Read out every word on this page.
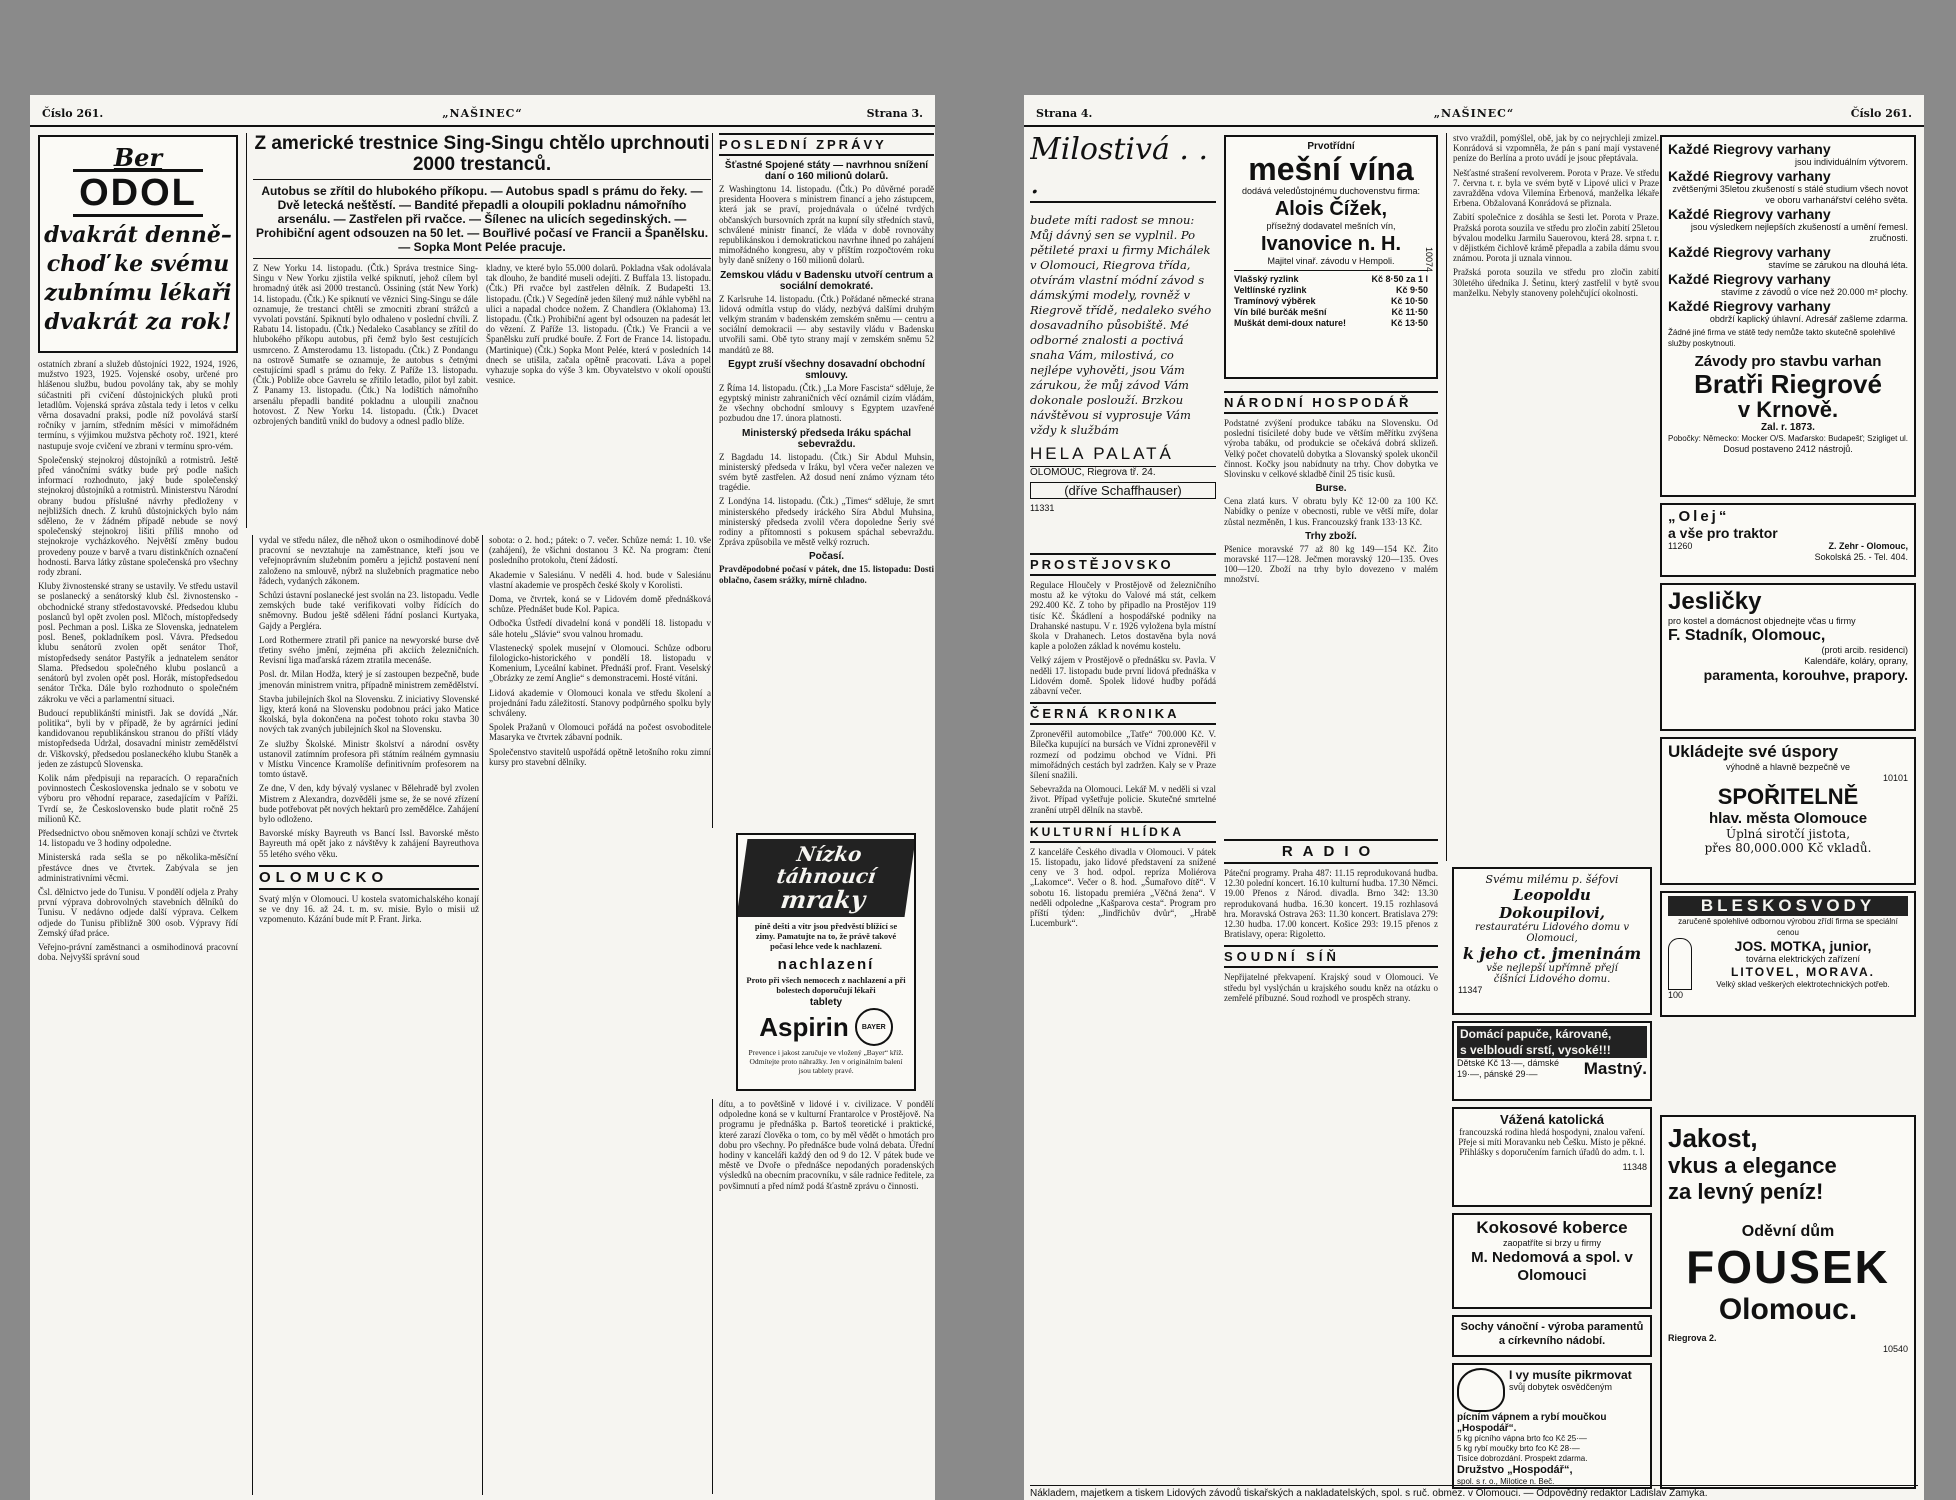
Číslo 261.	„NAŠINEC“	Strana 3.
Ber
ODOL
dvakrát denně–
choď ke svému
zubnímu lékaři
dvakrát za rok!

ostatních zbraní a služeb důstojníci 1922, 1924, 1926, mužstvo 1923, 1925. Vojenské osoby, určené pro hlášenou službu, budou povolány tak, aby se mohly súčastniti při cvičení důstojnických pluků proti letadlům. Vojenská správa zůstala tedy i letos v celku věrna dosavadní praksi, podle níž povolává starší ročníky v jarním, středním měsíci v mimořádném termínu, s výjimkou mužstva pěchoty roč. 1921, které nastupuje svoje cvičení ve zbrani v termínu spro-vém.

Společenský stejnokroj důstojníků a rotmistrů. Ještě před vánočními svátky bude prý podle našich informací rozhodnuto, jaký bude společenský stejnokroj důstojníků a rotmistrů. Ministerstvu Národní obrany budou příslušné návrhy předloženy v nejbližších dnech. Z kruhů důstojnických bylo nám sděleno, že v žádném případě nebude se nový společenský stejnokroj lišiti příliš mnoho od stejnokroje vycházkového. Největší změny budou provedeny pouze v barvě a tvaru distinkčních označení hodnosti. Barva látky zůstane společenská pro všechny rody zbraní.

Kluby živnostenské strany se ustavily. Ve středu ustavil se poslanecký a senátorský klub čsl. živnostensko - obchodnické strany středostavovské. Předsedou klubu poslanců byl opět zvolen posl. Mlčoch, místopředsedy posl. Pechman a posl. Liška ze Slovenska, jednatelem posl. Beneš, pokladníkem posl. Vávra. Předsedou klubu senátorů zvolen opět senátor Thoř, místopředsedy senátor Pastyřík a jednatelem senátor Slama. Předsedou společného klubu poslanců a senátorů byl zvolen opět posl. Horák, místopředsedou senátor Trčka. Dále bylo rozhodnuto o společném zákroku ve věci a parlamentní situaci.

Budoucí republikánští ministři. Jak se dovídá „Nár. politika“, byli by v případě, že by agrárníci jediní kandidovanou republikánskou stranou do příští vlády místopředseda Udržal, dosavadní ministr zemědělství dr. Viškovský, předsedou poslaneckého klubu Staněk a jeden ze zástupců Slovenska.

Kolik nám předpisuji na reparacích. O reparačních povinnostech Československa jednalo se v sobotu ve výboru pro věhodní reparace, zasedajícím v Paříži. Tvrdí se, že Československo bude platit ročně 25 milionů Kč.

Předsednictvo obou sněmoven konají schůzi ve čtvrtek 14. listopadu ve 3 hodiny odpoledne.

Ministerská rada sešla se po několika-měsíční přestávce dnes ve čtvrtek. Zabývala se jen administrativními věcmi.

Čsl. dělnictvo jede do Tunisu. V pondělí odjela z Prahy první výprava dobrovolných stavebních dělníků do Tunisu. V nedávno odjede další výprava. Celkem odjede do Tunisu přibližně 300 osob. Výpravy řídí Zemský úřad práce.

Veřejno-právní zaměstnanci a osmihodinová pracovní doba. Nejvyšší správní soud

Z americké trestnice Sing-Singu chtělo uprchnouti 2000 trestanců.
Autobus se zřítil do hlubokého příkopu. — Autobus spadl s prámu do řeky. — Dvě letecká neštěstí. — Bandité přepadli a oloupili pokladnu námořního arsenálu. — Zastřelen při rvačce. — Šílenec na ulicích segedinských. — Prohibiční agent odsouzen na 50 let. — Bouřlivé počasí ve Francii a Španělsku. — Sopka Mont Pelée pracuje.

Z New Yorku 14. listopadu. (Čtk.) Správa trestnice Sing-Singu v New Yorku zjistila velké spiknutí, jehož cílem byl hromadný útěk asi 2000 trestanců. Ossining (stát New York) 14. listopadu. (Čtk.) Ke spiknutí ve věznici Sing-Singu se dále oznamuje, že trestanci chtěli se zmocniti zbraní strážců a vyvolati povstání. Spiknutí bylo odhaleno v poslední chvíli. Z Rabatu 14. listopadu. (Čtk.) Nedaleko Casablancy se zřítil do hlubokého příkopu autobus, při čemž bylo šest cestujících usmrceno. Z Amsterodamu 13. listopadu. (Čtk.) Z Pondangu na ostrově Sumatře se oznamuje, že autobus s četnými cestujícími spadl s prámu do řeky. Z Paříže 13. listopadu. (Čtk.) Pobliže obce Gavrelu se zřítilo letadlo, pilot byl zabit. Z Panamy 13. listopadu. (Čtk.) Na lodištích námořního arsenálu přepadli bandité pokladnu a uloupili značnou hotovost. Z New Yorku 14. listopadu. (Čtk.) Dvacet ozbrojených banditů vnikl do budovy a odnesl padlo blíže.

kladny, ve které bylo 55.000 dolarů. Pokladna však odolávala tak dlouho, že bandité museli odejíti. Z Buffala 13. listopadu. (Čtk.) Při rvačce byl zastřelen dělník. Z Budapešti 13. listopadu. (Čtk.) V Segedíně jeden šílený muž náhle vyběhl na ulici a napadal chodce nožem. Z Chandlera (Oklahoma) 13. listopadu. (Čtk.) Prohibiční agent byl odsouzen na padesát let do vězení. Z Paříže 13. listopadu. (Čtk.) Ve Francii a ve Španělsku zuří prudké bouře. Z Fort de France 14. listopadu. (Martinique) (Čtk.) Sopka Mont Pelée, která v posledních 14 dnech se utišila, začala opětně pracovati. Láva a popel vyhazuje sopka do výše 3 km. Obyvatelstvo v okolí opouští vesnice.

vydal ve středu nález, dle něhož ukon o osmihodinové době pracovní se nevztahuje na zaměstnance, kteří jsou ve veřejnoprávním služebním poměru a jejichž postavení není založeno na smlouvě, nýbrž na služebních pragmatice nebo řádech, vydaných zákonem.

Schůzi ústavní poslanecké jest svolán na 23. listopadu. Vedle zemských bude také verifikovati volby řídících do sněmovny. Budou ještě sděleni řádní poslanci Kurtyaka, Gajdy a Pergléra.

Lord Rothermere ztratil při panice na newyorské burse dvě třetiny svého jmění, zejména při akciích železničních. Revisní liga maďarská rázem ztratila mecenáše.

Posl. dr. Milan Hodža, který je sí zastoupen bezpečně, bude jmenován ministrem vnitra, případně ministrem zemědělství.

Stavba jubilejních škol na Slovensku. Z iniciativy Slovenské ligy, která koná na Slovensku podobnou práci jako Matice školská, byla dokončena na počest tohoto roku stavba 30 nových tak zvaných jubilejních škol na Slovensku.

Ze služby Školské. Ministr školství a národní osvěty ustanovil zatímním profesora při státním reálném gymnasiu v Místku Vincence Kramolíše definitivním profesorem na tomto ústavě.

Ze dne, V den, kdy bývalý vyslanec v Bělehradě byl zvolen Mistrem z Alexandra, dozvěděli jsme se, že se nové zřízení bude potřebovat pět nových hektarů pro zemědělce. Zahájení bylo odloženo.

Bavorské mísky Bayreuth vs Bancí Issl. Bavorské město Bayreuth má opět jako z návštěvy k zahájení Bayreuthova 55 letého svého věku.

OLOMUCKO

Svatý mlýn v Olomouci. U kostela svatomichalského konají se ve dny 16. až 24. t. m. sv. misie. Bylo o misii už vzpomenuto. Kázání bude mít P. Frant. Jirka.

sobota: o 2. hod.; pátek: o 7. večer. Schůze nemá: 1. 10. vše (zahájení), že všichni dostanou 3 Kč. Na program: čtení posledního protokolu, čtení žádostí.

Akademie v Salesiánu. V neděli 4. hod. bude v Salesiánu vlastní akademie ve prospěch české školy v Korolisti.

Doma, ve čtvrtek, koná se v Lidovém domě přednášková schůze. Přednášet bude Kol. Papica.

Odbočka Ústředí divadelní koná v pondělí 18. listopadu v sále hotelu „Slávie“ svou valnou hromadu.

Vlastenecký spolek musejní v Olomouci. Schůze odboru filologicko-historického v pondělí 18. listopadu v Komenium, Lyceální kabinet. Přednáší prof. Frant. Veselský „Obrázky ze zemí Anglie“ s demonstracemi. Hosté vítáni.

Lidová akademie v Olomouci konala ve středu školení a projednání řadu záležitostí. Stanovy podpůrného spolku byly schváleny.

Spolek Pražanů v Olomouci pořádá na počest osvoboditele Masaryka ve čtvrtek zábavní podnik.

Společenstvo stavitelů uspořádá opětně letošního roku zimní kursy pro stavební dělníky.

POSLEDNÍ ZPRÁVY
Šťastné Spojené státy — navrhnou snížení daní o 160 milionů dolarů.

Z Washingtonu 14. listopadu. (Čtk.) Po důvěrné poradě presidenta Hoovera s ministrem financí a jeho zástupcem, která jak se praví, projednávala o účelné tvrdých občanských bursovních zprát na kupní síly středních stavů, schválené ministr financí, že vláda v době rovnováhy republikánskou i demokratickou navrhne ihned po zahájení mimořádného kongresu, aby v příštím rozpočtovém roku byly daně sníženy o 160 milionů dolarů.

Zemskou vládu v Badensku utvoří centrum a sociální demokraté.

Z Karlsruhe 14. listopadu. (Čtk.) Pořádané německé strana lidová odmítla vstup do vlády, nezbývá dalšími druhým velkým stranám v badenském zemském sněmu — centru a sociální demokracii — aby sestavily vládu v Badensku utvořili sami. Obě tyto strany mají v zemském sněmu 52 mandátů ze 88.

Egypt zruší všechny dosavadní obchodní smlouvy.

Z Říma 14. listopadu. (Čtk.) „La More Fascista“ sděluje, že egyptský ministr zahraničních věcí oznámil cizím vládám, že všechny obchodní smlouvy s Egyptem uzavřené pozbudou dne 17. února platnosti.

Ministerský předseda Iráku spáchal sebevraždu.

Z Bagdadu 14. listopadu. (Čtk.) Sir Abdul Muhsin, ministerský předseda v Iráku, byl včera večer nalezen ve svém bytě zastřelen. Až dosud není známo význam této tragédie.

Z Londýna 14. listopadu. (Čtk.) „Times“ sděluje, že smrt ministerského předsedy iráckého Síra Abdul Muhsina, ministerský předseda zvolil včera dopoledne Šeriy své rodiny a přítomnosti s pokusem spáchal sebevraždu. Zpráva způsobila ve městě velký rozruch.

Počasí.

Pravděpodobné počasí v pátek, dne 15. listopadu: Dosti oblačno, časem srážky, mírně chladno.

Nízko táhnoucí
mraky

píně dešti a vítr jsou předvěstí blížící se zimy. Pamatujte na to, že právě takové počasí lehce vede k nachlazení.

nachlazení

Proto při všech nemocech z nachlazení a při bolestech doporučují lékaři

tablety
Aspirin BAYER

Prevence i jakost zaručuje ve vložený „Bayer“ kříž. Odmítejte proto náhražky. Jen v originálním balení jsou tablety pravé.

dítu, a to povětšině v lidové i v. civilizace. V pondělí odpoledne koná se v kulturní Frantarolce v Prostějově. Na programu je přednáška p. Bartoš teoretické i praktické, které zarazí člověka o tom, co by měl vědět o hmotách pro dobu pro všechny. Po přednášce bude volná debata. Úřední hodiny v kanceláři každý den od 9 do 12. V pátek bude ve městě ve Dvoře o přednášce nepodaných poradenských výsledků na obecním pracovníku, v sále radnice ředitele, za povšimnutí a před nímž podá šťastně zprávu o činnosti.

Strana 4.	„NAŠINEC“	Číslo 261.
Milostivá . . .

budete míti radost se mnou: Můj dávný sen se vyplnil. Po pětileté praxi u firmy Michálek v Olomouci, Riegrova třída, otvírám vlastní módní závod s dámskými modely, rovněž v Riegrově třídě, nedaleko svého dosavadního působiště. Mé odborné znalosti a poctivá snaha Vám, milostivá, co nejlépe vyhověti, jsou Vám zárukou, že můj závod Vám dokonale poslouží. Brzkou návštěvou si vyprosuje Vám vždy k službám

HELA PALATÁ
OLOMOUC, Riegrova tř. 24.
(dříve Schaffhauser)
11331
Prvotřídní
mešní vína
dodává veledůstojnému duchovenstvu firma:
Alois Čížek,
přísežný dodavatel mešních vín,
Ivanovice n. H.
Majitel vinař. závodu v Hempoli.
Vlašský ryzlink	Kč 8·50 za 1 l
Veltlínské ryzlink	Kč 9·50
Tramínový výběrek	Kč 10·50
Vín bílé burčák mešní	Kč 11·50
Muškát demi-doux nature!	Kč 13·50
10074
NÁRODNÍ HOSPODÁŘ

Podstatné zvýšení produkce tabáku na Slovensku. Od poslední tisícileté doby bude ve větším měřítku zvýšena výroba tabáku, od produkcie se očekává dobrá sklizeň. Velký počet chovatelů dobytka a Slovanský spolek ukončil činnost. Kočky jsou nabídnuty na trhy. Chov dobytka ve Slovinsku v celkové skladbě činil 25 tisíc kusů.

Burse.

Cena zlatá kurs. V obratu byly Kč 12·00 za 100 Kč. Nabídky o peníze v obecnosti, ruble ve větší míře, dolar zůstal nezměněn, 1 kus. Francouzský frank 133·13 Kč.

Trhy zboží.

Pšenice moravské 77 až 80 kg 149—154 Kč. Žito moravské 117—128. Ječmen moravský 120—135. Oves 100—120. Zboží na trhy bylo dovezeno v malém množství.

PROSTĚJOVSKO

Regulace Hloučely v Prostějově od železničního mostu až ke výtoku do Valové má stát, celkem 292.400 Kč. Z toho by připadlo na Prostějov 119 tisíc Kč. Škádlení a hospodářské podniky na Drahanské nastupu. V r. 1926 vyložena byla místní škola v Drahanech. Letos dostavěna byla nová kaple a položen základ k novému kostelu.

Velký zájem v Prostějově o přednášku sv. Pavla. V neděli 17. listopadu bude první lidová přednáška v Lidovém domě. Spolek lidové hudby pořádá zábavní večer.

ČERNÁ KRONIKA

Zpronevěřil automobilce „Tatře“ 700.000 Kč. V. Bílečka kupující na bursách ve Vídni zpronevěřil v rozmezí od podzimu obchod ve Vídni. Při mimořádných cestách byl zadržen. Kaly se v Praze šílení snažili.

Sebevražda na Olomouci. Lekář M. v neděli si vzal život. Případ vyšetřuje policie. Skutečné smrtelné zranění utrpěl dělník na stavbě.

KULTURNÍ HLÍDKA

Z kanceláře Českého divadla v Olomouci. V pátek 15. listopadu, jako lidové představení za snížené ceny ve 3 hod. odpol. repríza Moliérova „Lakomce“. Večer o 8. hod. „Šumařovo dítě“. V sobotu 16. listopadu premiéra „Věčná žena“. V neděli odpoledne „Kašparova cesta“. Program pro příští týden: „Jindřichův dvůr“, „Hrabě Lucemburk“.

RADIO

Páteční programy. Praha 487: 11.15 reprodukovaná hudba. 12.30 polední koncert. 16.10 kulturní hudba. 17.30 Němci. 19.00 Přenos z Národ. divadla. Brno 342: 13.30 reprodukovaná hudba. 16.30 koncert. 19.15 rozhlasová hra. Moravská Ostrava 263: 11.30 koncert. Bratislava 279: 12.30 hudba. 17.00 koncert. Košice 293: 19.15 přenos z Bratislavy, opera: Rigoletto.

SOUDNÍ SÍŇ

Nepřijatelné překvapení. Krajský soud v Olomouci. Ve středu byl vyslýchán u krajského soudu kněz na otázku o zemřelé příbuzné. Soud rozhodl ve prospěch strany.

stvo vraždil, pomýšlel, obě, jak by co nejrychleji zmizel. Konrádová si vzpomněla, že pán s paní mají vystavené peníze do Berlína a proto uvádí je jsouc přeptávala.

Nešťastné strašení revolverem. Porota v Praze. Ve středu 7. června t. r. byla ve svém bytě v Lipové ulici v Praze zavražděna vdova Vilemína Erbenová, manželka lékaře Erbena. Obžalovaná Konrádová se přiznala.

Zabití společnice z dosáhla se šesti let. Porota v Praze. Pražská porota souzila ve středu pro zločin zabití 25letou bývalou modelku Jarmilu Sauerovou, která 28. srpna t. r. v dějistkém čichlově krámě přepadla a zabila dámu svou známou. Porota ji uznala vinnou.

Pražská porota souzila ve středu pro zločin zabití 30letého úředníka J. Šetinu, který zastřelil v bytě svou manželku. Nebyly stanoveny polehčující okolnosti.

Svému milému p. šéfovi
Leopoldu Dokoupilovi,
restauratéru Lidového domu v Olomouci,
k jeho ct. jmeninám
vše nejlepší upřímně přejí
číšníci Lidového domu.
11347
Domácí papuče, kárované,
s velbloudí srstí, vysoké!!!
Dětské Kč 13·—, dámské 19·—, pánské 29·—	Mastný.
Vážená katolická

francouzská rodina hledá hospodyni, znalou vaření. Přeje si míti Moravanku neb Češku. Místo je pěkné. Přihlášky s doporučením farních úřadů do adm. t. l.

11348
Kokosové koberce
zaopatříte si brzy u firmy
M. Nedomová a spol. v Olomouci
Sochy vánoční - výroba paramentů a církevního nádobí.
I vy musíte pikrmovat
svůj dobytek osvědčeným
pícním vápnem a rybí moučkou „Hospodář“.
5 kg pícního vápna brto fco Kč 25·—
5 kg rybí moučky brto fco Kč 28·—
Tisíce dobrozdání. Prospekt zdarma.
Družstvo „Hospodář“,
spol. s r. o., Milotice n. Beč.
Každé Riegrovy varhany
jsou individuálním výtvorem.
Každé Riegrovy varhany
zvětšenými 35letou zkušeností s stálé studium všech novot ve oboru varhanářství celého světa.
Každé Riegrovy varhany
jsou výsledkem nejlepších zkušeností a umění řemesl. zručnosti.
Každé Riegrovy varhany
stavíme se zárukou na dlouhá léta.
Každé Riegrovy varhany
stavíme z závodů o více než 20.000 m² plochy.
Každé Riegrovy varhany
obdrží kaplický úhlavní. Adresář zašleme zdarma.
Žádné jiné firma ve státě tedy nemůže takto skutečně spolehlivé služby poskytnouti.
Závody pro stavbu varhan
Bratři Riegrové
v Krnově.
Zal. r. 1873.
Pobočky: Německo: Mocker O/S. Maďarsko: Budapešť; Szigliget ul.
Dosud postaveno 2412 nástrojů.
„Olej“
a vše pro traktor
11260	Z. Zehr - Olomouc,
Sokolská 25. - Tel. 404.
Jesličky
pro kostel a domácnost objednejte včas u firmy
F. Stadník, Olomouc,
(proti arcib. residenci)
Kalendáře, koláry, oprany,
paramenta, korouhve, prapory.
Ukládejte své úspory
výhodně a hlavně bezpečně ve
10101
SPOŘITELNĚ
hlav. města Olomouce
Úplná sirotčí jistota,
přes 80,000.000 Kč vkladů.
BLESKOSVODY
zaručeně spolehlivé odbornou výrobou zřídí firma se speciální cenou
JOS. MOTKA, junior,
továrna elektrických zařízení
LITOVEL, MORAVA.
Velký sklad veškerých elektrotechnických potřeb.
100
Jakost,
vkus a elegance
za levný peníz!
Oděvní dům
FOUSEK
Olomouc.
Riegrova 2.
10540
Nákladem, majetkem a tiskem Lidových závodů tiskařských a nakladatelských, spol. s ruč. obmez. v Olomouci. — Odpovědný redaktor Ladislav Zamyka.
